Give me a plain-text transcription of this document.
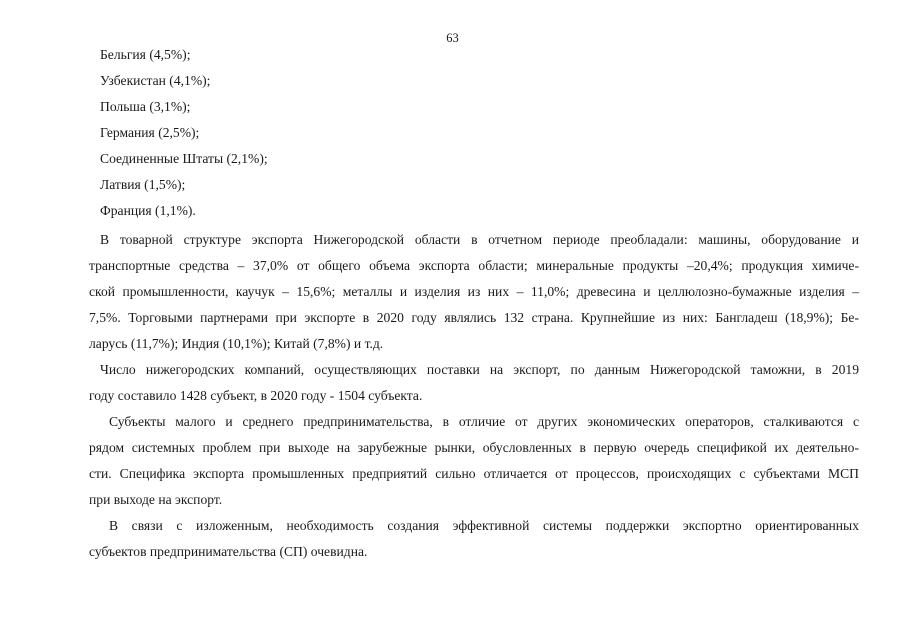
63
Бельгия (4,5%);
Узбекистан (4,1%);
Польша (3,1%);
Германия (2,5%);
Соединенные Штаты (2,1%);
Латвия (1,5%);
Франция (1,1%).

В товарной структуре экспорта Нижегородской области в отчетном периоде преобладали: машины, оборудование и
транспортные средства – 37,0% от общего объема экспорта области; минеральные продукты –20,4%; продукция химиче-
ской промышленности, каучук – 15,6%; металлы и изделия из них – 11,0%; древесина и целлюлозно-бумажные изделия –
7,5%. Торговыми партнерами при экспорте в 2020 году являлись 132 страна. Крупнейшие из них: Бангладеш (18,9%); Бе-
ларусь (11,7%); Индия (10,1%); Китай (7,8%) и т.д.

Число нижегородских компаний, осуществляющих поставки на экспорт, по данным Нижегородской таможни, в 2019
году составило 1428 субъект, в 2020 году - 1504 субъекта.

Субъекты малого и среднего предпринимательства, в отличие от других экономических операторов, сталкиваются с
рядом системных проблем при выходе на зарубежные рынки, обусловленных в первую очередь спецификой их деятельно-
сти. Специфика экспорта промышленных предприятий сильно отличается от процессов, происходящих с субъектами МСП
при выходе на экспорт.

В связи с изложенным, необходимость создания эффективной системы поддержки экспортно ориентированных
субъектов предпринимательства (СП) очевидна.
